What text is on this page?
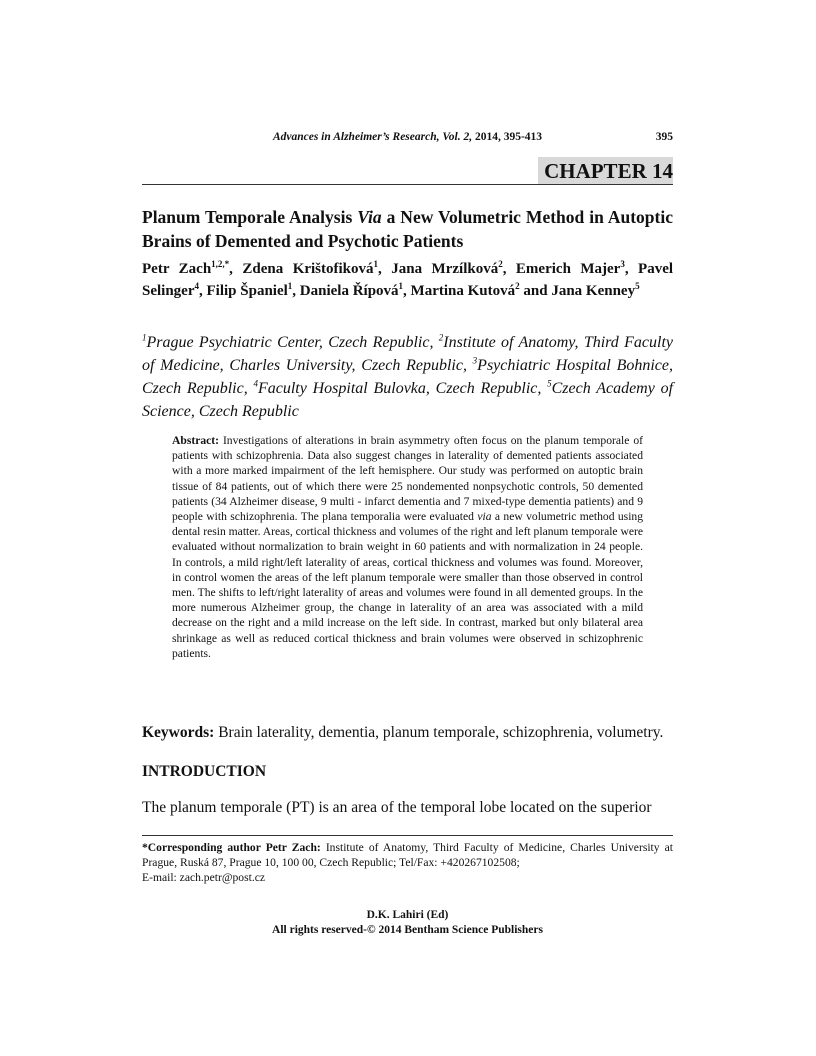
Advances in Alzheimer’s Research, Vol. 2, 2014, 395-413	395
CHAPTER 14
Planum Temporale Analysis Via a New Volumetric Method in Autoptic Brains of Demented and Psychotic Patients
Petr Zach$^{1,2,*}$, Zdena Krištofiková$^1$, Jana Mrzílková$^2$, Emerich Majer$^3$, Pavel Selinger$^4$, Filip Španiel$^1$, Daniela Řípová$^1$, Martina Kutová$^2$ and Jana Kenney$^5$
$^1$Prague Psychiatric Center, Czech Republic, $^2$Institute of Anatomy, Third Faculty of Medicine, Charles University, Czech Republic, $^3$Psychiatric Hospital Bohnice, Czech Republic, $^4$Faculty Hospital Bulovka, Czech Republic, $^5$Czech Academy of Science, Czech Republic
Abstract: Investigations of alterations in brain asymmetry often focus on the planum temporale of patients with schizophrenia. Data also suggest changes in laterality of demented patients associated with a more marked impairment of the left hemisphere. Our study was performed on autoptic brain tissue of 84 patients, out of which there were 25 nondemented nonpsychotic controls, 50 demented patients (34 Alzheimer disease, 9 multi - infarct dementia and 7 mixed-type dementia patients) and 9 people with schizophrenia. The plana temporalia were evaluated via a new volumetric method using dental resin matter. Areas, cortical thickness and volumes of the right and left planum temporale were evaluated without normalization to brain weight in 60 patients and with normalization in 24 people. In controls, a mild right/left laterality of areas, cortical thickness and volumes was found. Moreover, in control women the areas of the left planum temporale were smaller than those observed in control men. The shifts to left/right laterality of areas and volumes were found in all demented groups. In the more numerous Alzheimer group, the change in laterality of an area was associated with a mild decrease on the right and a mild increase on the left side. In contrast, marked but only bilateral area shrinkage as well as reduced cortical thickness and brain volumes were observed in schizophrenic patients.
Keywords: Brain laterality, dementia, planum temporale, schizophrenia, volumetry.
INTRODUCTION
The planum temporale (PT) is an area of the temporal lobe located on the superior
*Corresponding author Petr Zach: Institute of Anatomy, Third Faculty of Medicine, Charles University at Prague, Ruská 87, Prague 10, 100 00, Czech Republic; Tel/Fax: +420267102508;
E-mail: zach.petr@post.cz
D.K. Lahiri (Ed)
All rights reserved-© 2014 Bentham Science Publishers
